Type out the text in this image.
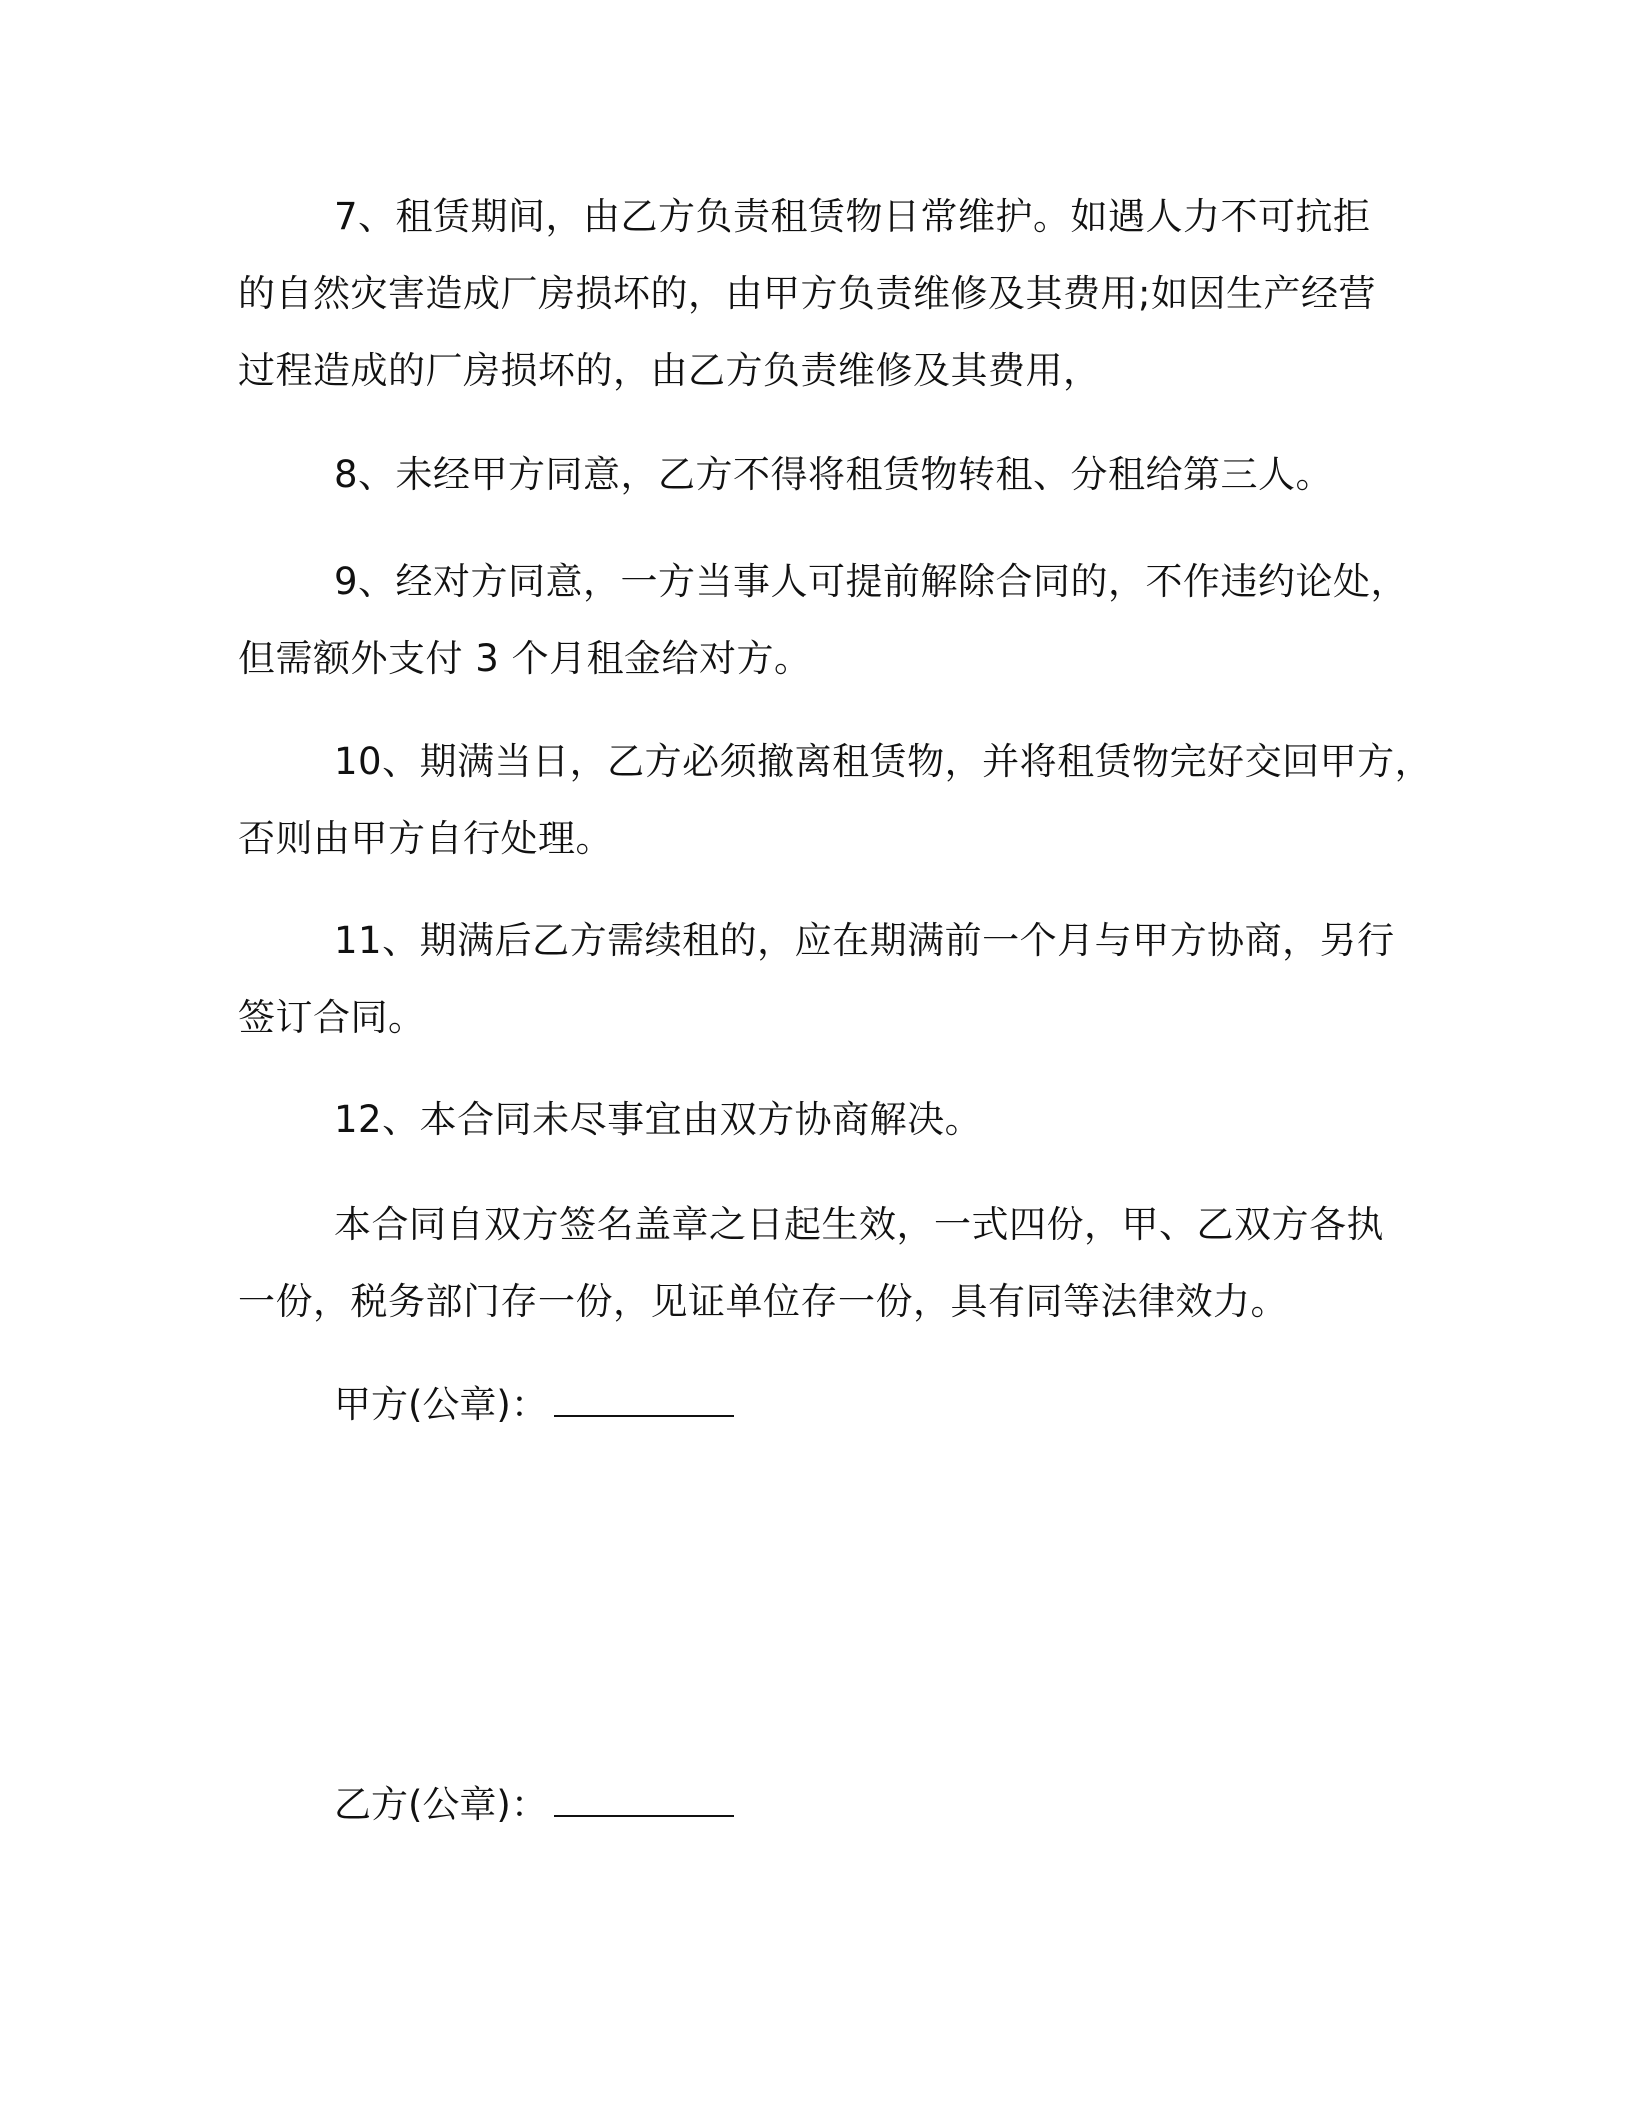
7、租赁期间，由乙方负责租赁物日常维护。如遇人力不可抗拒
的自然灾害造成厂房损坏的，由甲方负责维修及其费用;如因生产经营
过程造成的厂房损坏的，由乙方负责维修及其费用，
8、未经甲方同意，乙方不得将租赁物转租、分租给第三人。
9、经对方同意，一方当事人可提前解除合同的，不作违约论处，
但需额外支付 3 个月租金给对方。
10、期满当日，乙方必须撤离租赁物，并将租赁物完好交回甲方，
否则由甲方自行处理。
11、期满后乙方需续租的，应在期满前一个月与甲方协商，另行
签订合同。
12、本合同未尽事宜由双方协商解决。
本合同自双方签名盖章之日起生效，一式四份，甲、乙双方各执
一份，税务部门存一份，见证单位存一份，具有同等法律效力。
甲方(公章)：
乙方(公章)：
